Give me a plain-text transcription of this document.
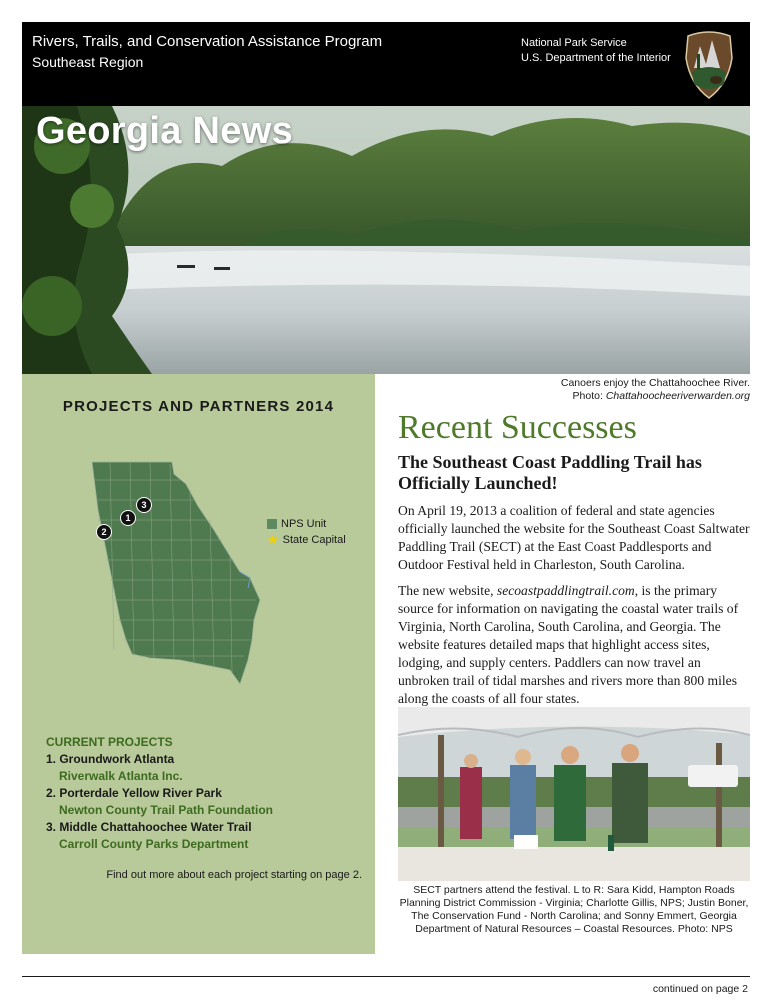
Rivers, Trails, and Conservation Assistance Program
Southeast Region
National Park Service
U.S. Department of the Interior
Georgia News
Canoers enjoy the Chattahoochee River.
Photo: Chattahoocheeriverwarden.org
PROJECTS AND PARTNERS 2014
.
3
1
2
NPS Unit
★ State Capital
CURRENT PROJECTS
1. Groundwork Atlanta
Riverwalk Atlanta Inc.
2. Porterdale Yellow River Park
Newton County Trail Path Foundation
3. Middle Chattahoochee Water Trail
Carroll County Parks Department
Find out more about each project starting on page 2.
Recent Successes
The Southeast Coast Paddling Trail has Officially Launched!
On April 19, 2013 a coalition of federal and state agencies officially launched the website for the Southeast Coast Saltwater Paddling Trail (SECT) at the East Coast Paddlesports and Outdoor Festival held in Charleston, South Carolina.
The new website, secoastpaddlingtrail.com, is the primary source for information on navigating the coastal water trails of Virginia, North Carolina, South Carolina, and Georgia. The website features detailed maps that highlight access sites, lodging, and supply centers. Paddlers can now travel an unbroken trail of tidal marshes and rivers more than 800 miles along the coasts of all four states.
SECT partners attend the festival. L to R: Sara Kidd, Hampton Roads Planning District Commission - Virginia; Charlotte Gillis, NPS; Justin Boner, The Conservation Fund - North Carolina; and Sonny Emmert, Georgia Department of Natural Resources – Coastal Resources. Photo: NPS
continued on page 2
